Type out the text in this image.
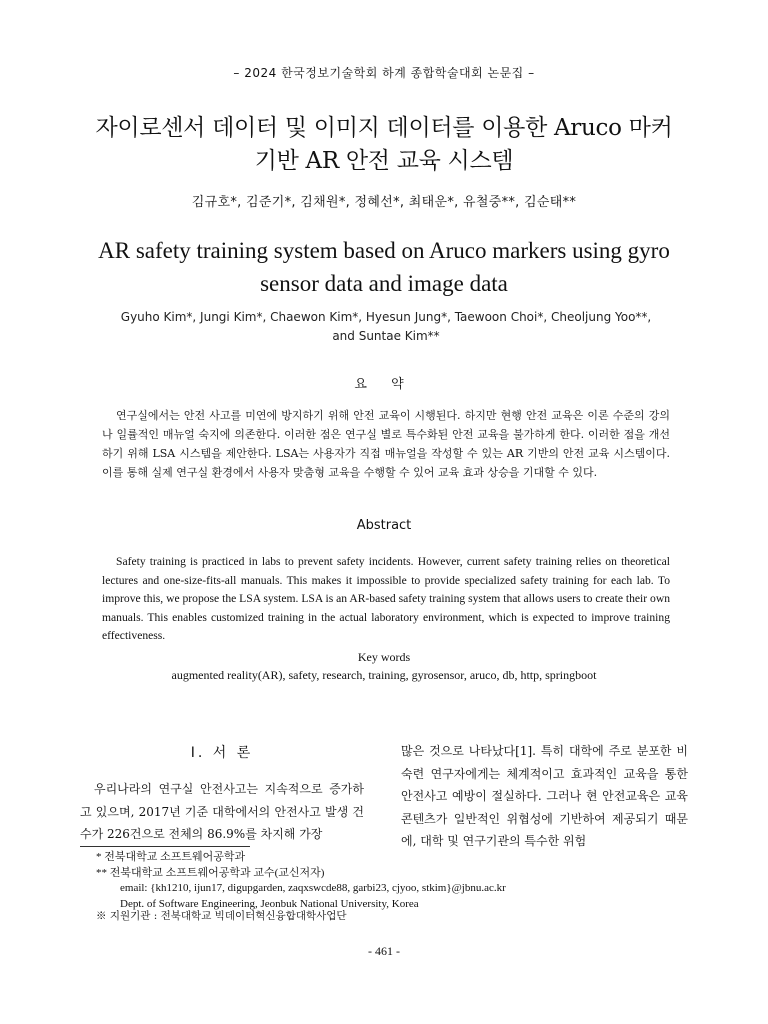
– 2024 한국정보기술학회 하계 종합학술대회 논문집 –
자이로센서 데이터 및 이미지 데이터를 이용한 Aruco 마커
기반 AR 안전 교육 시스템
김규호*, 김준기*, 김채원*, 정혜선*, 최태운*, 유철중**, 김순태**
AR safety training system based on Aruco markers using gyro sensor data and image data
Gyuho Kim*, Jungi Kim*, Chaewon Kim*, Hyesun Jung*, Taewoon Choi*, Cheoljung Yoo**,
and Suntae Kim**
요 약
연구실에서는 안전 사고를 미연에 방지하기 위해 안전 교육이 시행된다. 하지만 현행 안전 교육은 이론 수준의 강의나 일률적인 매뉴얼 숙지에 의존한다. 이러한 점은 연구실 별로 특수화된 안전 교육을 불가하게 한다. 이러한 점을 개선하기 위해 LSA 시스템을 제안한다. LSA는 사용자가 직접 매뉴얼을 작성할 수 있는 AR 기반의 안전 교육 시스템이다. 이를 통해 실제 연구실 환경에서 사용자 맞춤형 교육을 수행할 수 있어 교육 효과 상승을 기대할 수 있다.
Abstract
Safety training is practiced in labs to prevent safety incidents. However, current safety training relies on theoretical lectures and one-size-fits-all manuals. This makes it impossible to provide specialized safety training for each lab. To improve this, we propose the LSA system. LSA is an AR-based safety training system that allows users to create their own manuals. This enables customized training in the actual laboratory environment, which is expected to improve training effectiveness.
Key words
augmented reality(AR), safety, research, training, gyrosensor, aruco, db, http, springboot
I. 서 론
우리나라의 연구실 안전사고는 지속적으로 증가하고 있으며, 2017년 기준 대학에서의 안전사고 발생 건수가 226건으로 전체의 86.9%를 차지해 가장
많은 것으로 나타났다[1]. 특히 대학에 주로 분포한 비숙련 연구자에게는 체계적이고 효과적인 교육을 통한 안전사고 예방이 절실하다. 그러나 현 안전교육은 교육 콘텐츠가 일반적인 위협성에 기반하여 제공되기 때문에, 대학 및 연구기관의 특수한 위험
* 전북대학교 소프트웨어공학과
** 전북대학교 소프트웨어공학과 교수(교신저자)
email: {kh1210, ijun17, digupgarden, zaqxswcde88, garbi23, cjyoo, stkim}@jbnu.ac.kr
Dept. of Software Engineering, Jeonbuk National University, Korea
※ 지원기관 : 전북대학교 빅데이터혁신융합대학사업단
- 461 -
